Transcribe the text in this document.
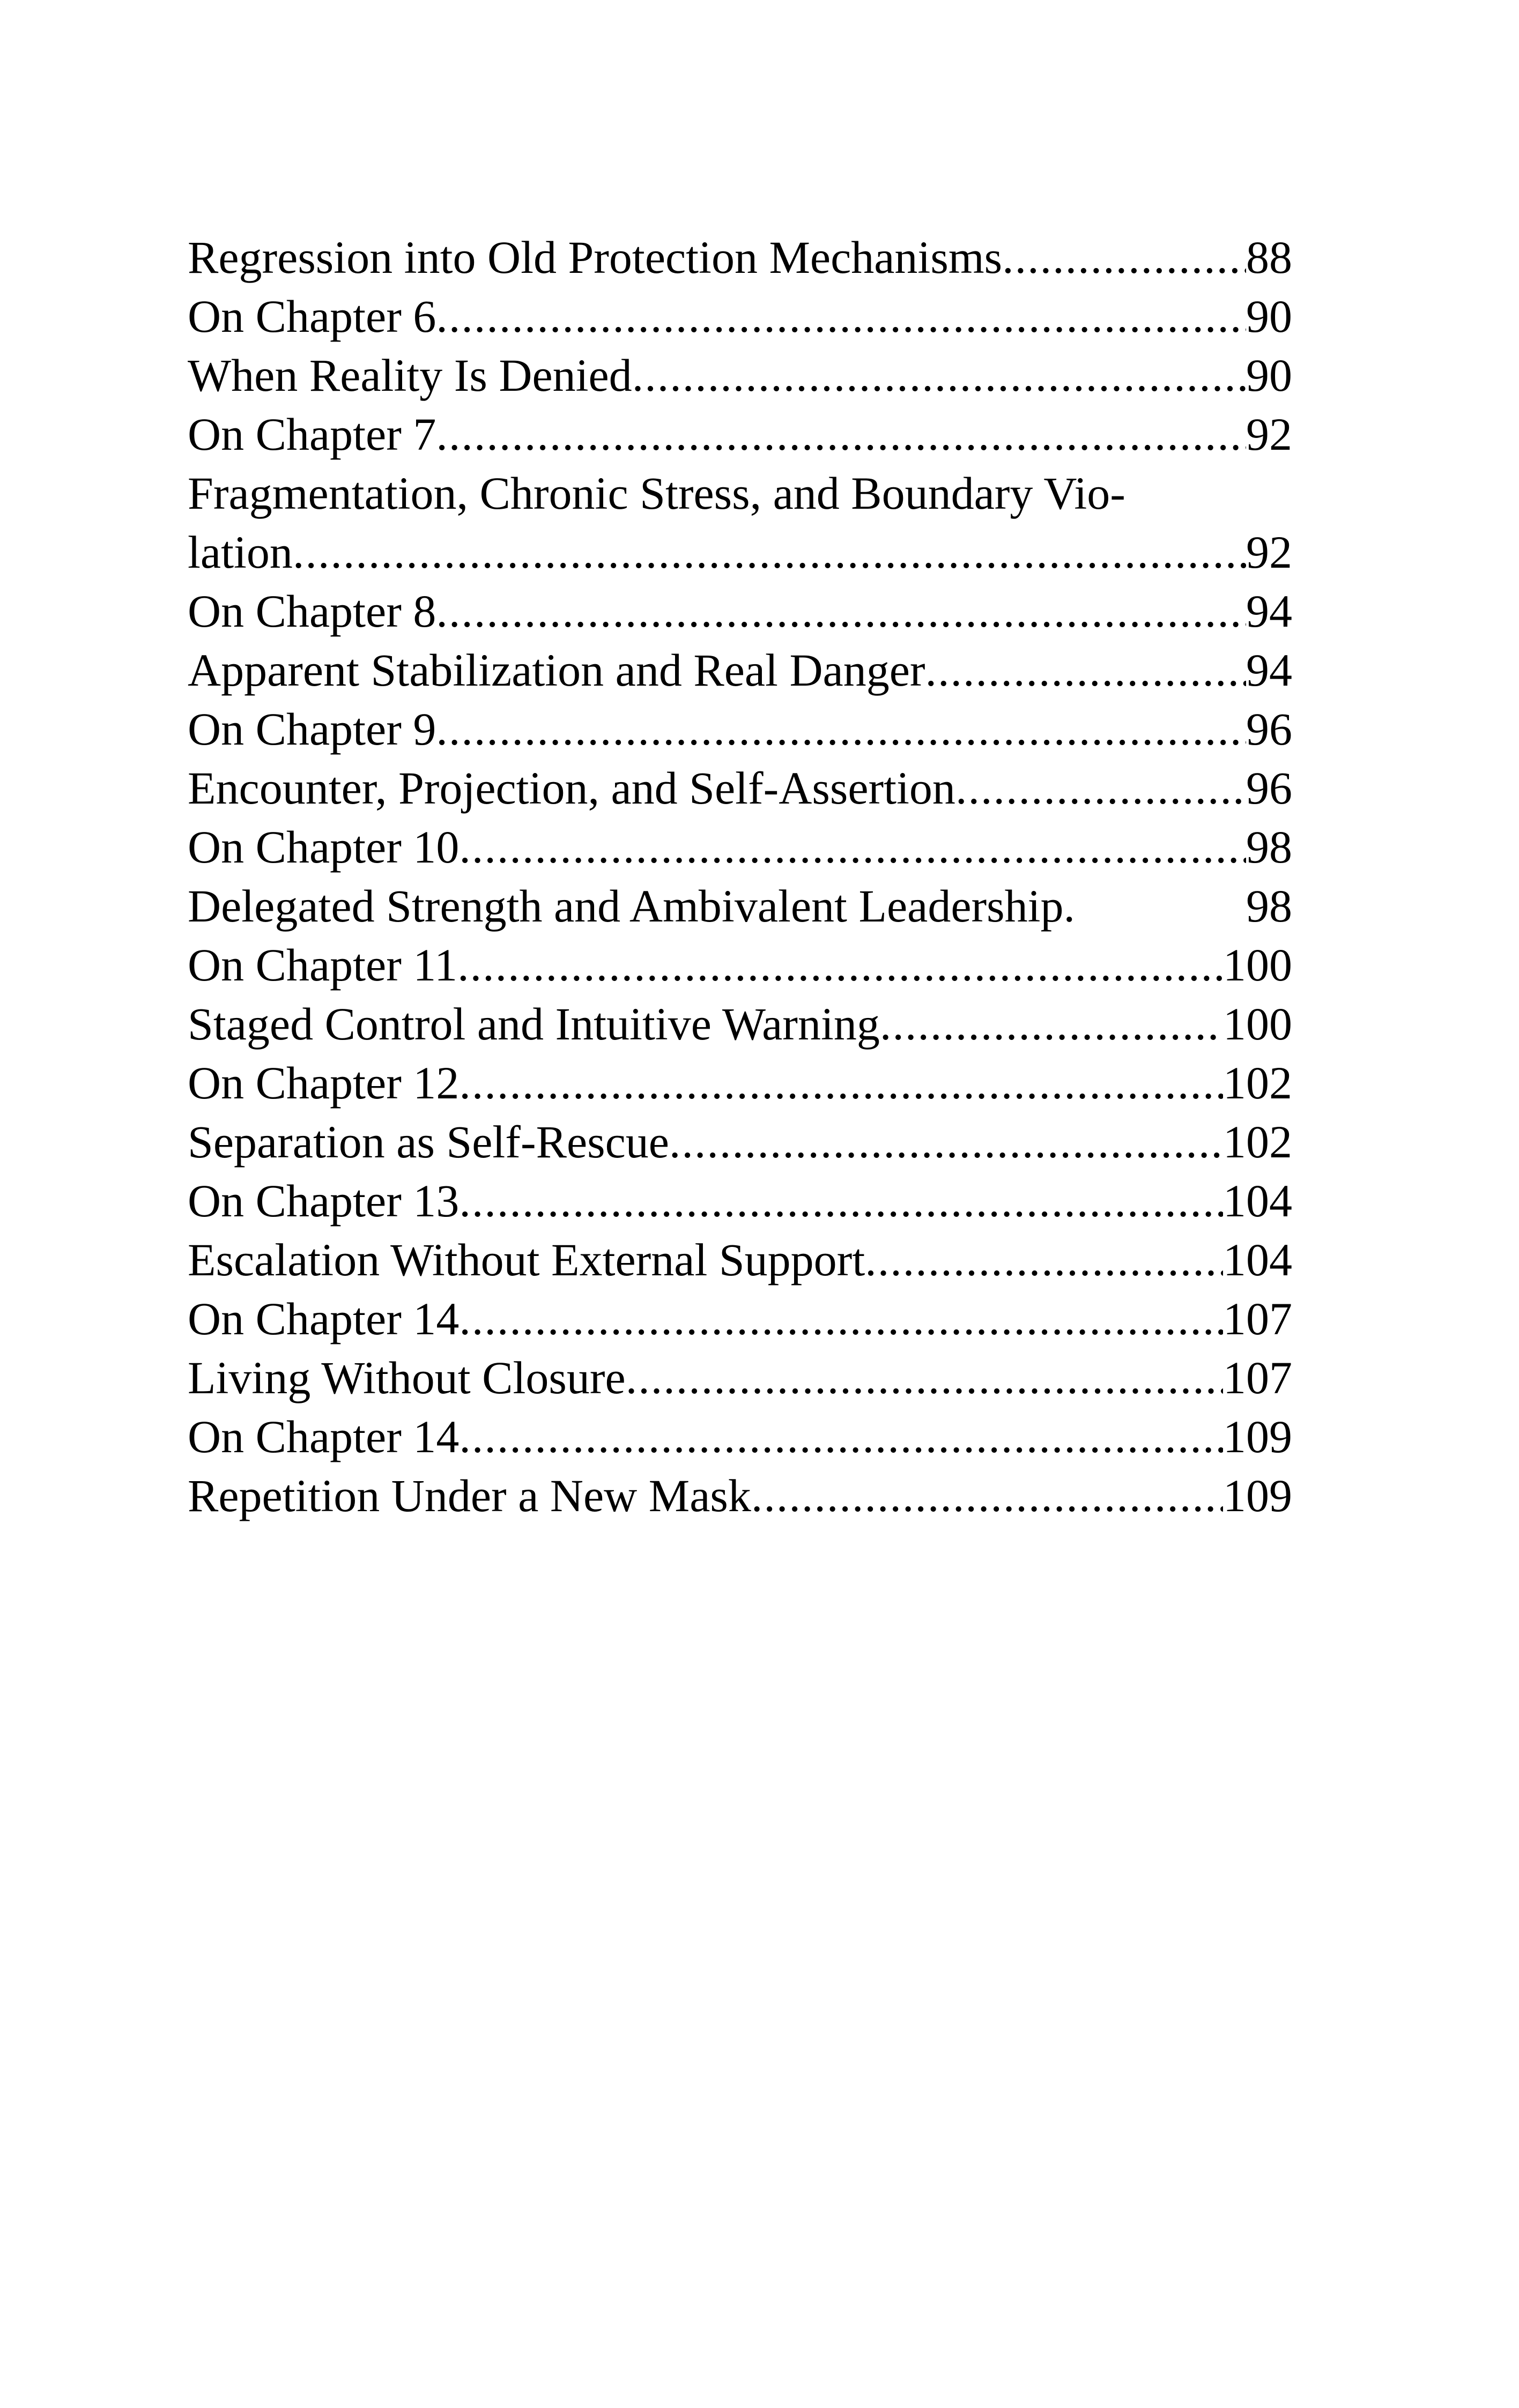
Regression into Old Protection Mechanisms .....	88
On Chapter 6 .....	90
When Reality Is Denied .....	90
On Chapter 7 .....	92
Fragmentation, Chronic Stress, and Boundary Vio-
lation .....	92
On Chapter 8 .....	94
Apparent Stabilization and Real Danger .....	94
On Chapter 9 .....	96
Encounter, Projection, and Self-Assertion .....	96
On Chapter 10 .....	98
Delegated Strength and Ambivalent Leadership.	98
On Chapter 11 .....	100
Staged Control and Intuitive Warning .....	100
On Chapter 12 .....	102
Separation as Self-Rescue .....	102
On Chapter 13 .....	104
Escalation Without External Support .....	104
On Chapter 14 .....	107
Living Without Closure .....	107
On Chapter 14 .....	109
Repetition Under a New Mask .....	109
